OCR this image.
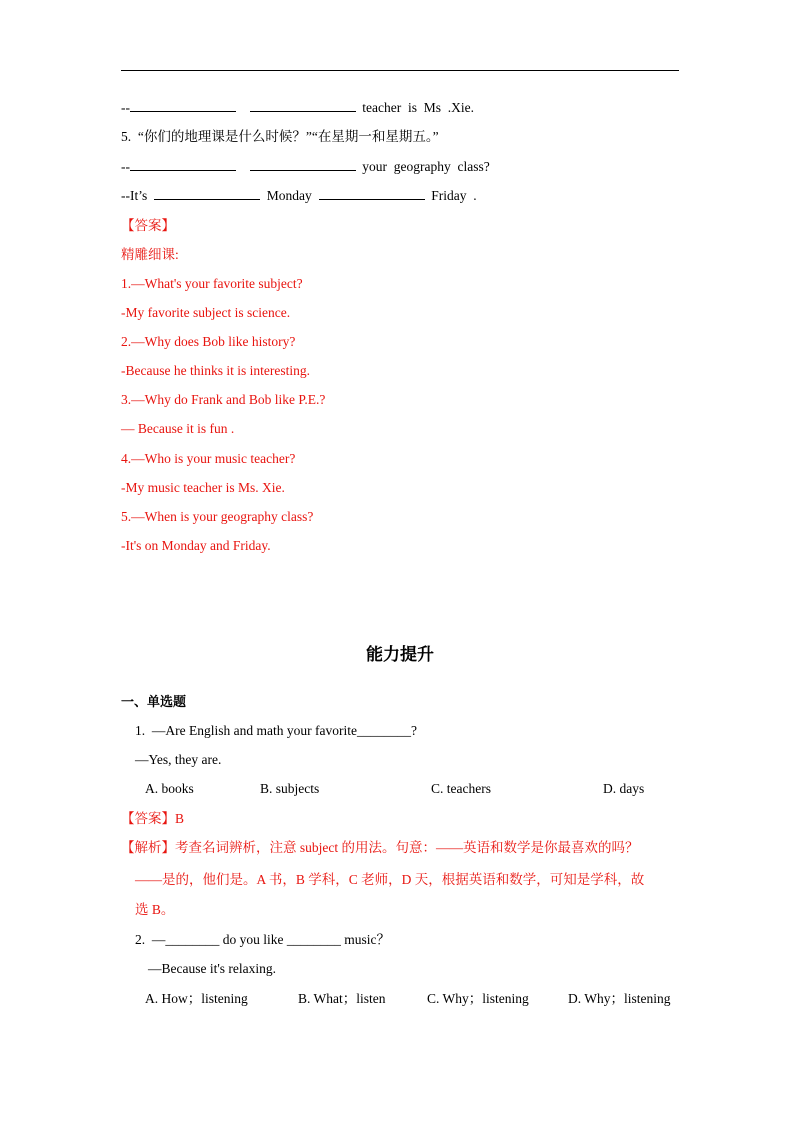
--	teacher  is  Ms  .Xie.
5. “你们的地理课是什么时候？”“在星期一和星期五。”
--	your  geography  class?
--It’s	Monday	Friday  .
【答案】
精雕细课:
1.—What's your favorite subject?
-My favorite subject is science.
2.—Why does Bob like history?
-Because he thinks it is interesting.
3.—Why do Frank and Bob like P.E.?
— Because it is fun .
4.—Who is your music teacher?
-My music teacher is Ms. Xie.
5.—When is your geography class?
-It's on Monday and Friday.
能力提升
一、单选题
1.  —Are English and math your favorite________?
—Yes, they are.
A. books	B. subjects	C. teachers	D. days
【答案】B
【解析】考查名词辨析，注意 subject 的用法。句意：——英语和数学是你最喜欢的吗？
——是的，他们是。A 书，B 学科，C 老师，D 天，根据英语和数学，可知是学科，故
选 B。
2.  —________ do you like ________ music？
—Because it's relaxing.
A. How；listening	B. What；listen	C. Why；listening	D. Why；listening
